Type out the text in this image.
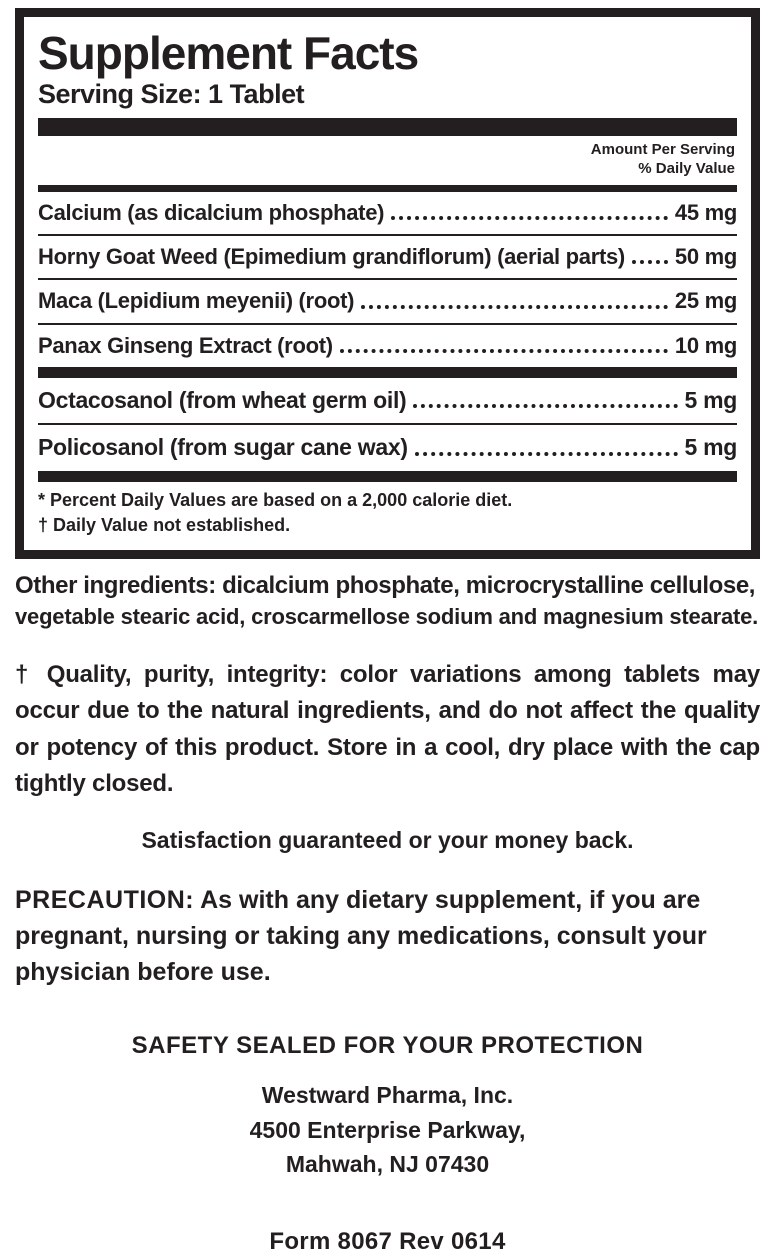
Supplement Facts
Serving Size: 1 Tablet
Amount Per Serving
% Daily Value
Calcium (as dicalcium phosphate)	45 mg
Horny Goat Weed (Epimedium grandiflorum) (aerial parts) 50 mg
Maca (Lepidium meyenii) (root)	25 mg
Panax Ginseng Extract (root)	10 mg
Octacosanol (from wheat germ oil)	5 mg
Policosanol (from sugar cane wax)	5 mg
* Percent Daily Values are based on a 2,000 calorie diet.
† Daily Value not established.
Other ingredients: dicalcium phosphate, microcrystalline cellulose,
vegetable stearic acid, croscarmellose sodium and magnesium stearate.
† Quality, purity, integrity: color variations among tablets may occur due to the natural ingredients, and do not affect the quality or potency of this product. Store in a cool, dry place with the cap tightly closed.
Satisfaction guaranteed or your money back.
PRECAUTION: As with any dietary supplement, if you are pregnant, nursing or taking any medications, consult your physician before use.
SAFETY SEALED FOR YOUR PROTECTION
Westward Pharma, Inc.
4500 Enterprise Parkway,
Mahwah, NJ 07430
Form 8067 Rev 0614
